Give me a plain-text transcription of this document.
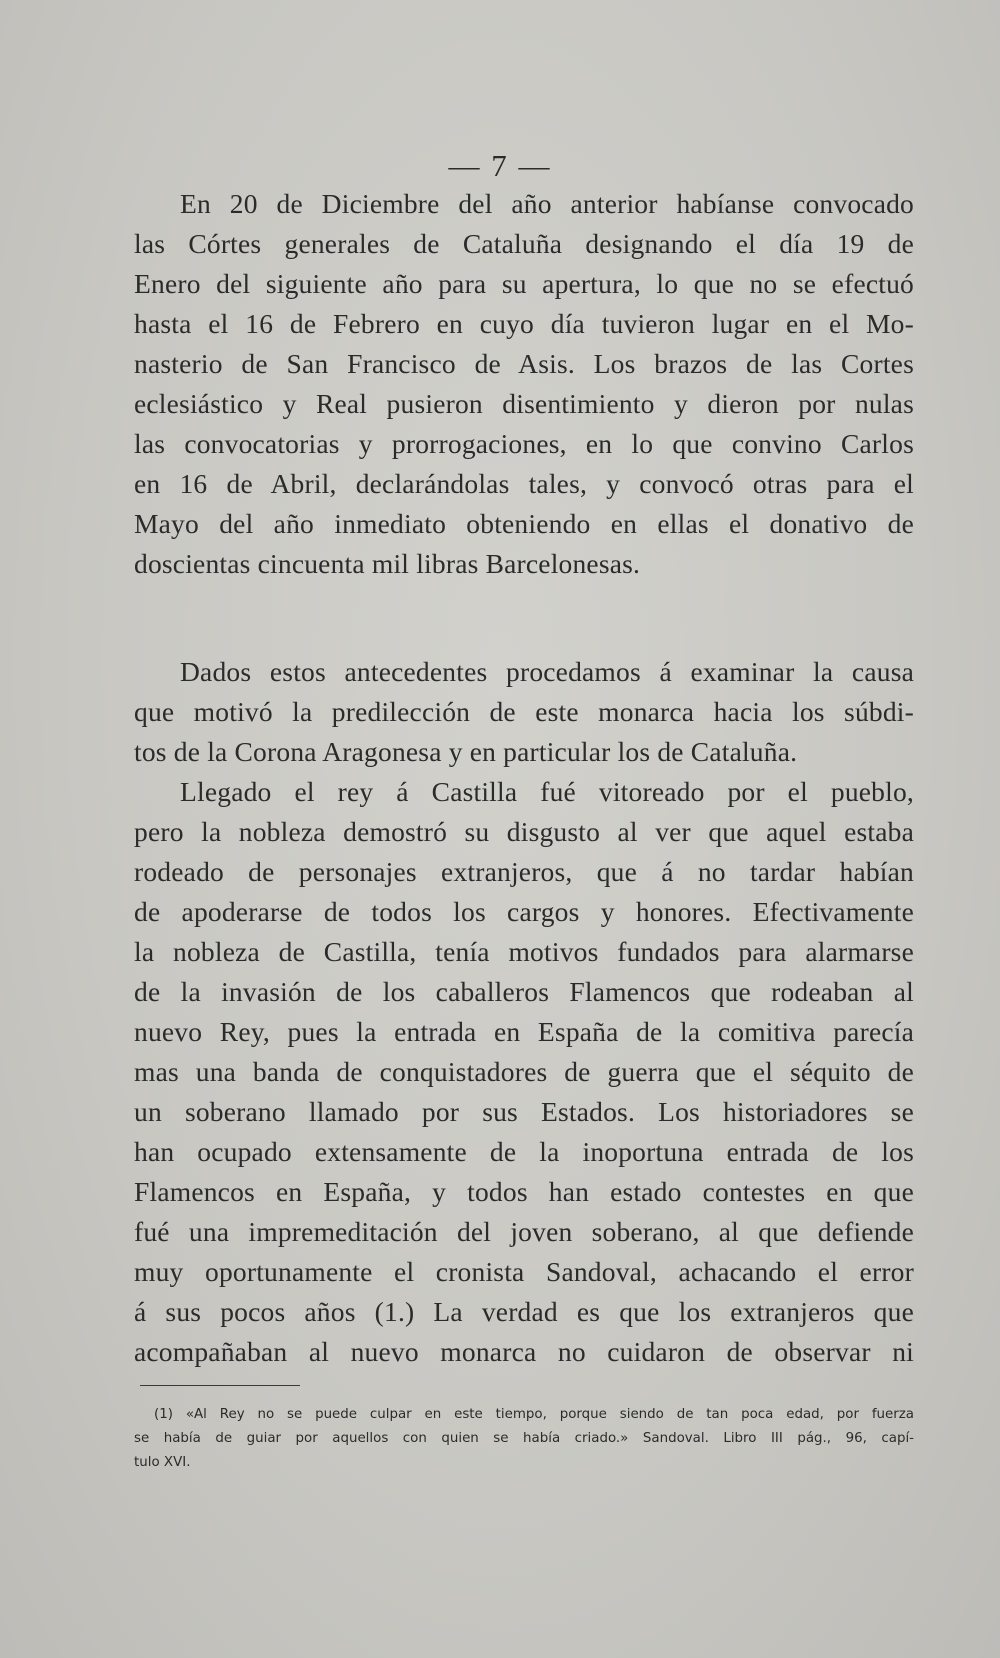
— 7 —
En 20 de Diciembre del año anterior habíanse convocado
las Córtes generales de Cataluña designando el día 19 de
Enero del siguiente año para su apertura, lo que no se efectuó
hasta el 16 de Febrero en cuyo día tuvieron lugar en el Mo-
nasterio de San Francisco de Asis. Los brazos de las Cortes
eclesiástico y Real pusieron disentimiento y dieron por nulas
las convocatorias y prorrogaciones, en lo que convino Carlos
en 16 de Abril, declarándolas tales, y convocó otras para el
Mayo del año inmediato obteniendo en ellas el donativo de
doscientas cincuenta mil libras Barcelonesas.
Dados estos antecedentes procedamos á examinar la causa
que motivó la predilección de este monarca hacia los súbdi-
tos de la Corona Aragonesa y en particular los de Cataluña.
Llegado el rey á Castilla fué vitoreado por el pueblo,
pero la nobleza demostró su disgusto al ver que aquel estaba
rodeado de personajes extranjeros, que á no tardar habían
de apoderarse de todos los cargos y honores. Efectivamente
la nobleza de Castilla, tenía motivos fundados para alarmarse
de la invasión de los caballeros Flamencos que rodeaban al
nuevo Rey, pues la entrada en España de la comitiva parecía
mas una banda de conquistadores de guerra que el séquito de
un soberano llamado por sus Estados. Los historiadores se
han ocupado extensamente de la inoportuna entrada de los
Flamencos en España, y todos han estado contestes en que
fué una impremeditación del joven soberano, al que defiende
muy oportunamente el cronista Sandoval, achacando el error
á sus pocos años (1.) La verdad es que los extranjeros que
acompañaban al nuevo monarca no cuidaron de observar ni
(1) «Al Rey no se puede culpar en este tiempo, porque siendo de tan poca edad, por fuerza
se había de guiar por aquellos con quien se había criado.» Sandoval. Libro III pág., 96, capí-
tulo XVI.
